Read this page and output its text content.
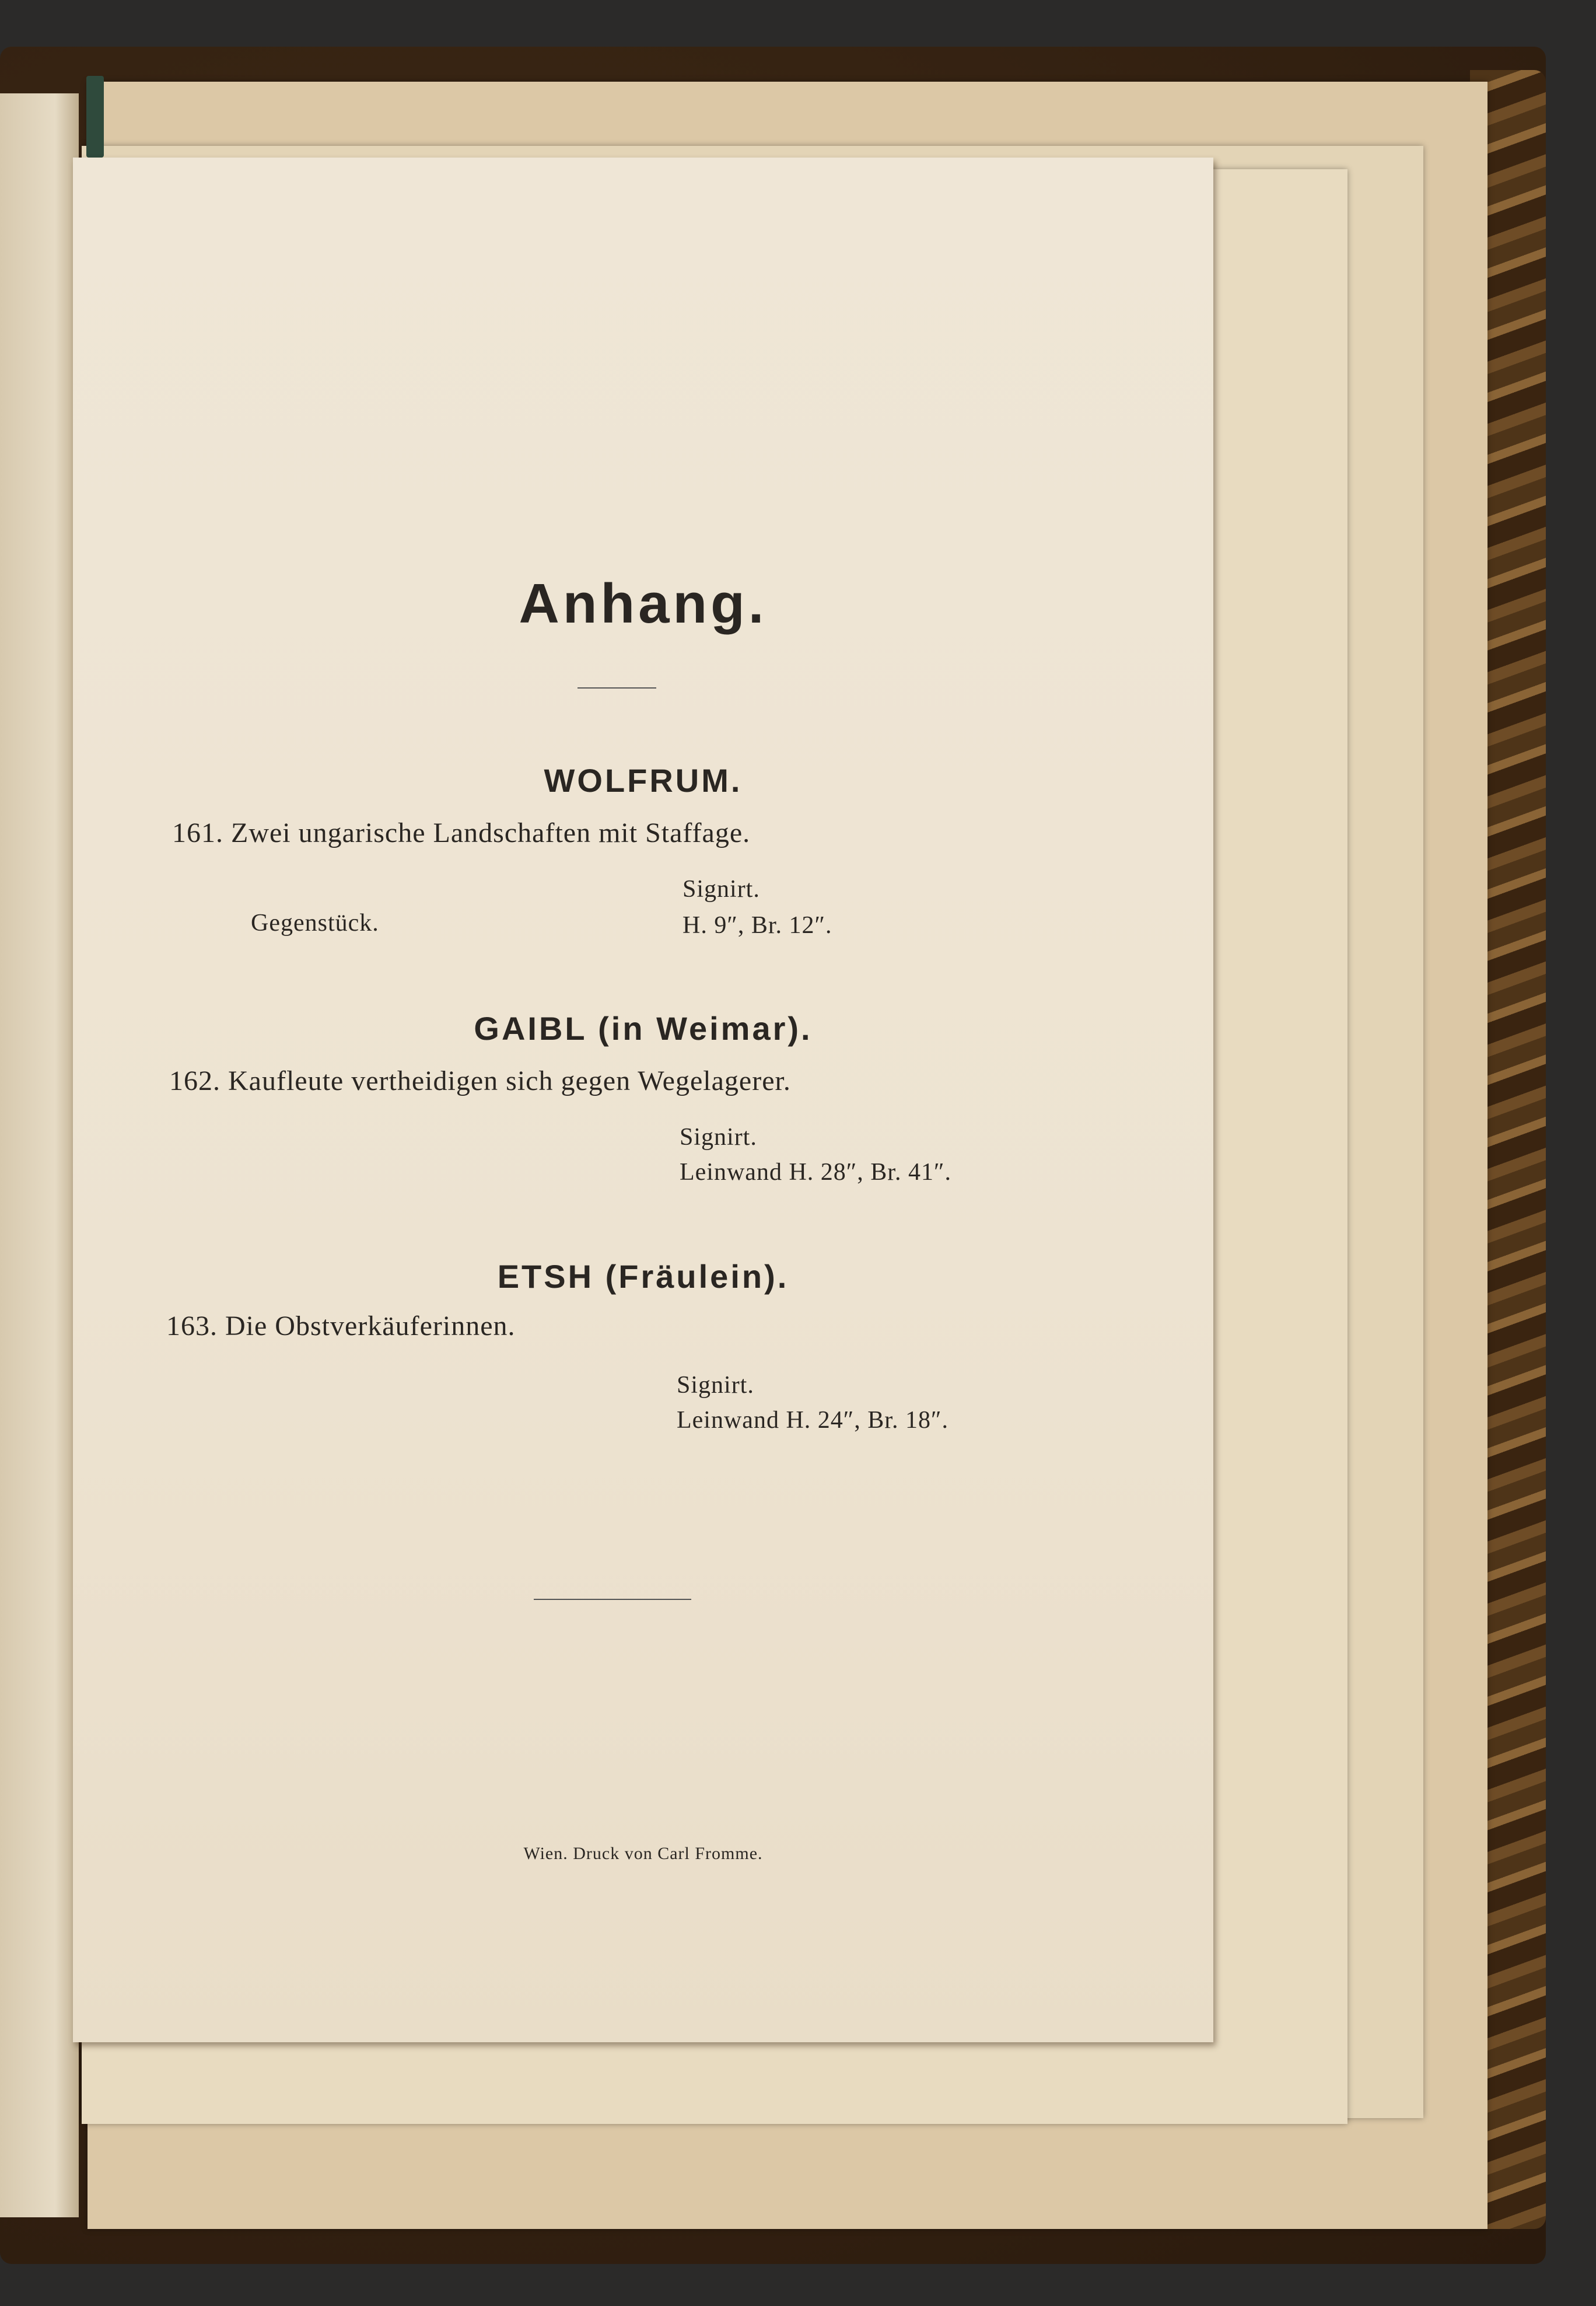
Anhang.
WOLFRUM.
161. Zwei ungarische Landschaften mit Staffage.
Signirt.
Gegenstück.	H. 9″, Br. 12″.
GAIBL (in Weimar).
162. Kaufleute vertheidigen sich gegen Wegelagerer.
Signirt.
Leinwand H. 28″, Br. 41″.
ETSH (Fräulein).
163. Die Obstverkäuferinnen.
Signirt.
Leinwand H. 24″, Br. 18″.
Wien. Druck von Carl Fromme.
